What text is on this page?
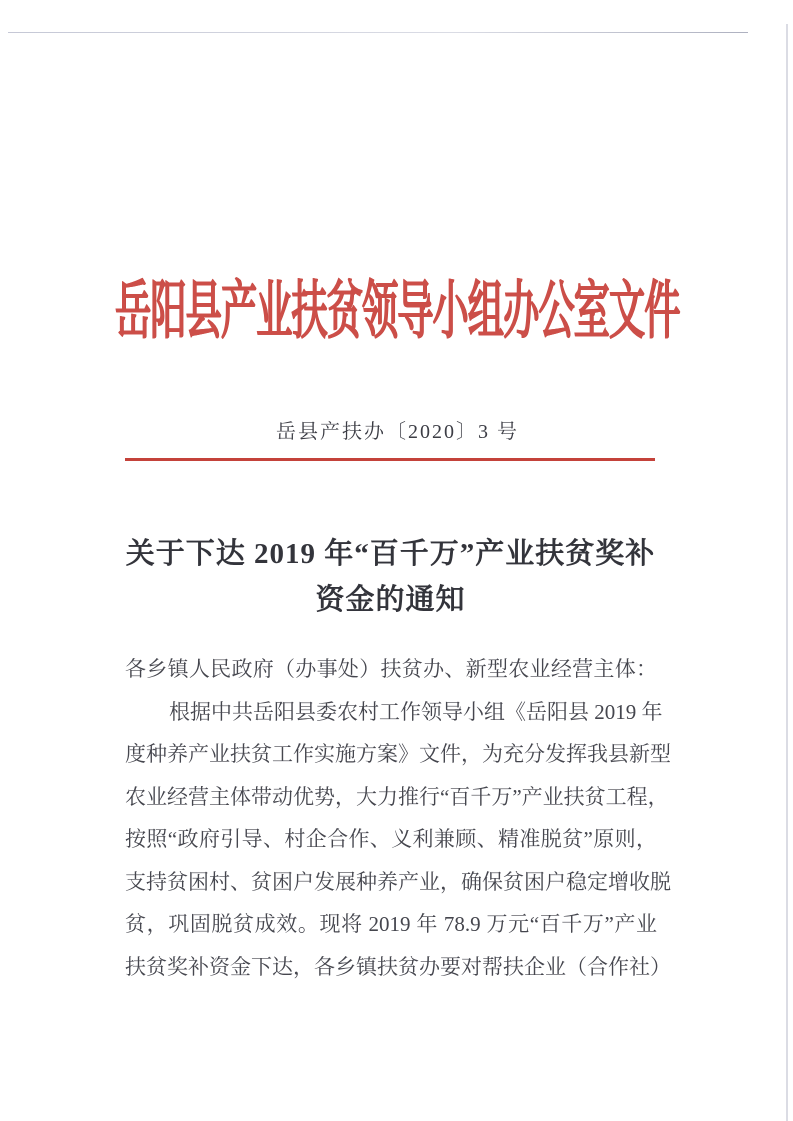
岳阳县产业扶贫领导小组办公室文件
岳县产扶办〔2020〕3 号
关于下达 2019 年“百千万”产业扶贫奖补
资金的通知
各乡镇人民政府（办事处）扶贫办、新型农业经营主体：
根据中共岳阳县委农村工作领导小组《岳阳县 2019 年
度种养产业扶贫工作实施方案》文件，为充分发挥我县新型
农业经营主体带动优势，大力推行“百千万”产业扶贫工程，
按照“政府引导、村企合作、义利兼顾、精准脱贫”原则，
支持贫困村、贫困户发展种养产业，确保贫困户稳定增收脱
贫，巩固脱贫成效。现将 2019 年 78.9 万元“百千万”产业
扶贫奖补资金下达，各乡镇扶贫办要对帮扶企业（合作社）
